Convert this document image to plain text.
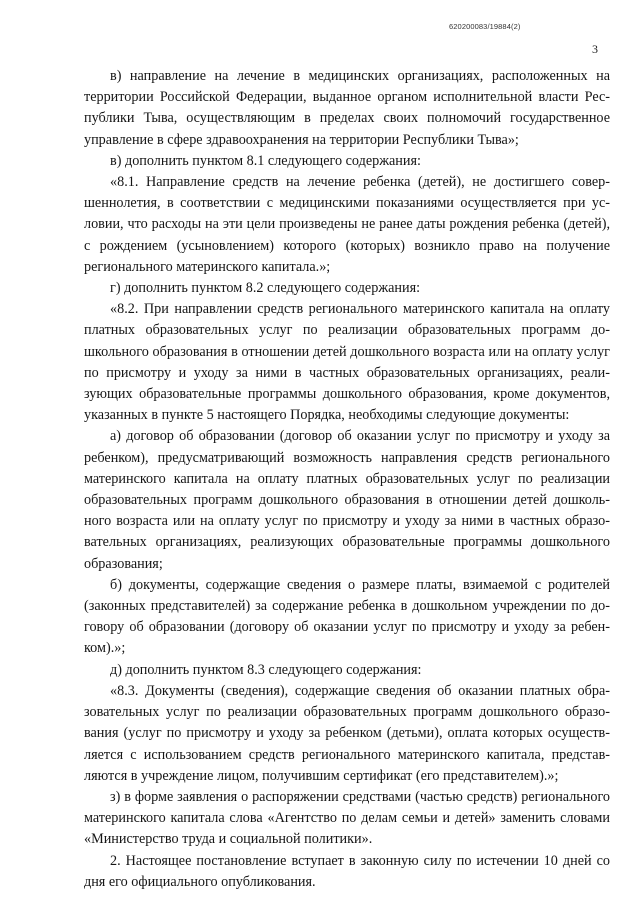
620200083/19884(2)
3

в) направление на лечение в медицинских организациях, расположенных на территории Российской Федерации, выданное органом исполнительной власти Республики Тыва, осуществляющим в пределах своих полномочий государственное управление в сфере здравоохранения на территории Республики Тыва»;

в) дополнить пунктом 8.1 следующего содержания:

«8.1. Направление средств на лечение ребенка (детей), не достигшего совершеннолетия, в соответствии с медицинскими показаниями осуществляется при условии, что расходы на эти цели произведены не ранее даты рождения ребенка (детей), с рождением (усыновлением) которого (которых) возникло право на получение регионального материнского капитала.»;

г) дополнить пунктом 8.2 следующего содержания:

«8.2. При направлении средств регионального материнского капитала на оплату платных образовательных услуг по реализации образовательных программ дошкольного образования в отношении детей дошкольного возраста или на оплату услуг по присмотру и уходу за ними в частных образовательных организациях, реализующих образовательные программы дошкольного образования, кроме документов, указанных в пункте 5 настоящего Порядка, необходимы следующие документы:

а) договор об образовании (договор об оказании услуг по присмотру и уходу за ребенком), предусматривающий возможность направления средств регионального материнского капитала на оплату платных образовательных услуг по реализации образовательных программ дошкольного образования в отношении детей дошкольного возраста или на оплату услуг по присмотру и уходу за ними в частных образовательных организациях, реализующих образовательные программы дошкольного образования;

б) документы, содержащие сведения о размере платы, взимаемой с родителей (законных представителей) за содержание ребенка в дошкольном учреждении по договору об образовании (договору об оказании услуг по присмотру и уходу за ребенком).»;

д) дополнить пунктом 8.3 следующего содержания:

«8.3. Документы (сведения), содержащие сведения об оказании платных образовательных услуг по реализации образовательных программ дошкольного образования (услуг по присмотру и уходу за ребенком (детьми), оплата которых осуществляется с использованием средств регионального материнского капитала, представляются в учреждение лицом, получившим сертификат (его представителем).»;

з) в форме заявления о распоряжении средствами (частью средств) регионального материнского капитала слова «Агентство по делам семьи и детей» заменить словами «Министерство труда и социальной политики».

2. Настоящее постановление вступает в законную силу по истечении 10 дней со дня его официального опубликования.
